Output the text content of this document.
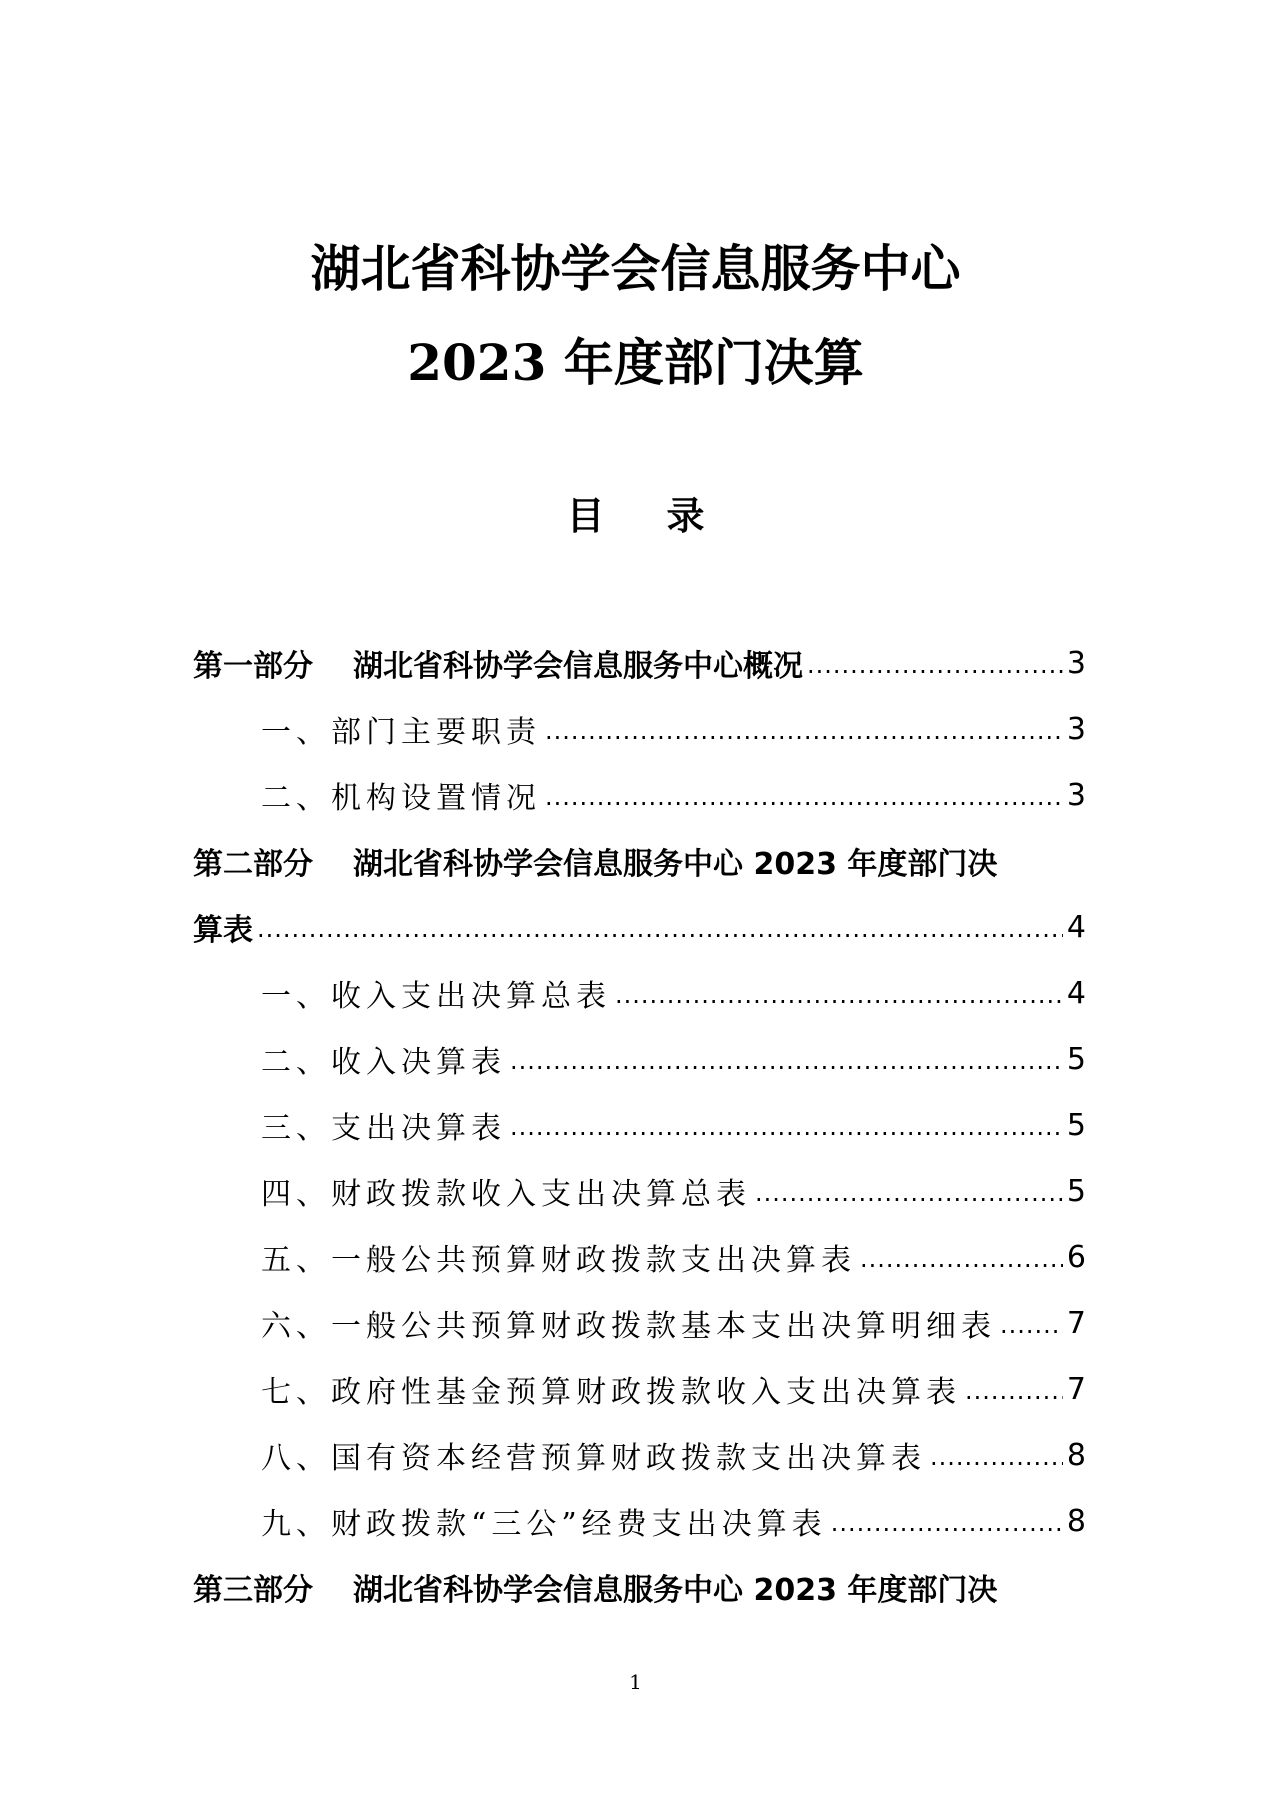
湖北省科协学会信息服务中心
2023 年度部门决算
目录
第一部分 湖北省科协学会信息服务中心概况 .....	3
一、部门主要职责 .....	3
二、机构设置情况 .....	3
第二部分 湖北省科协学会信息服务中心 2023 年度部门决
算表 .....	4
一、收入支出决算总表 .....	4
二、收入决算表 .....	5
三、支出决算表 .....	5
四、财政拨款收入支出决算总表 .....	5
五、一般公共预算财政拨款支出决算表 .....	6
六、一般公共预算财政拨款基本支出决算明细表 ..... 7
七、政府性基金预算财政拨款收入支出决算表 .....	7
八、国有资本经营预算财政拨款支出决算表 .....	8
九、财政拨款“三公”经费支出决算表 .....	8
第三部分 湖北省科协学会信息服务中心 2023 年度部门决
1
